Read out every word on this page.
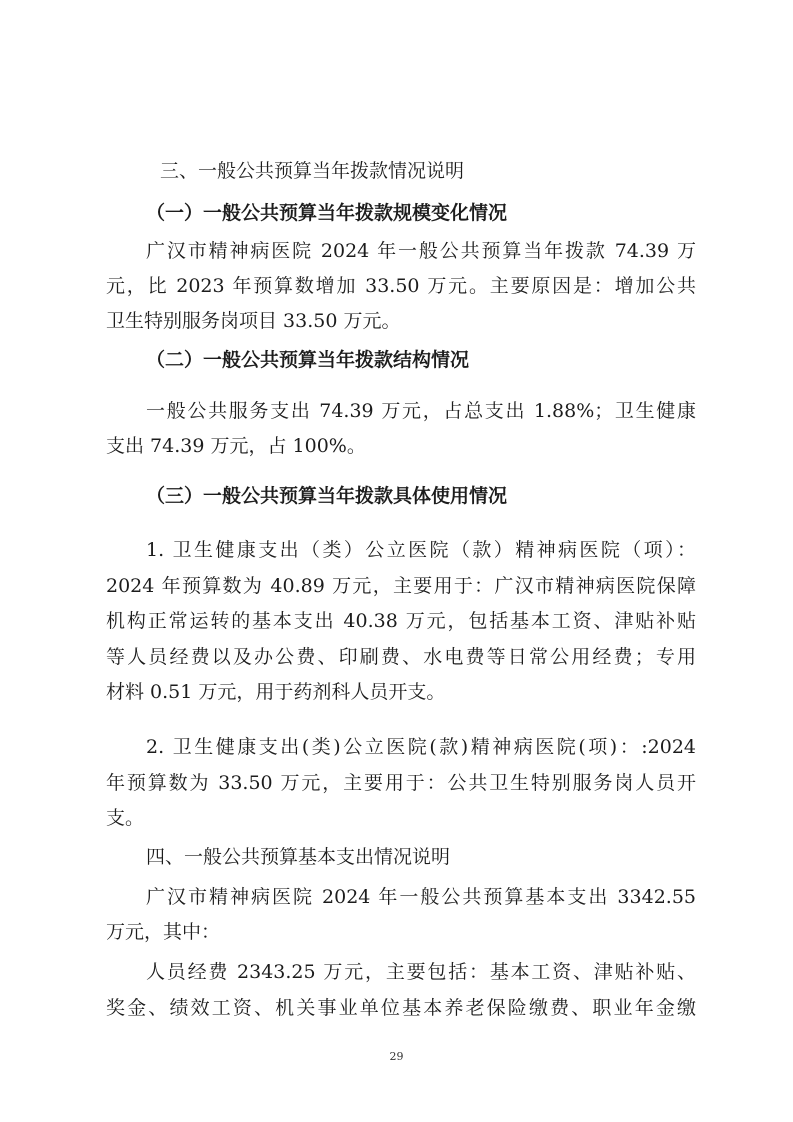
三、一般公共预算当年拨款情况说明
（一）一般公共预算当年拨款规模变化情况
广汉市精神病医院 2024 年一般公共预算当年拨款 74.39 万
元，比 2023 年预算数增加 33.50 万元。主要原因是：增加公共
卫生特别服务岗项目 33.50 万元。
（二）一般公共预算当年拨款结构情况
一般公共服务支出 74.39 万元，占总支出 1.88%；卫生健康
支出 74.39 万元，占 100%。
（三）一般公共预算当年拨款具体使用情况
1. 卫生健康支出（类）公立医院（款）精神病医院（项）：
2024 年预算数为 40.89 万元，主要用于：广汉市精神病医院保障
机构正常运转的基本支出 40.38 万元，包括基本工资、津贴补贴
等人员经费以及办公费、印刷费、水电费等日常公用经费；专用
材料 0.51 万元，用于药剂科人员开支。
2. 卫生健康支出(类)公立医院(款)精神病医院(项)：:2024
年预算数为 33.50 万元，主要用于：公共卫生特别服务岗人员开
支。
四、一般公共预算基本支出情况说明
广汉市精神病医院 2024 年一般公共预算基本支出 3342.55
万元，其中：
人员经费 2343.25 万元，主要包括：基本工资、津贴补贴、
奖金、绩效工资、机关事业单位基本养老保险缴费、职业年金缴
29
